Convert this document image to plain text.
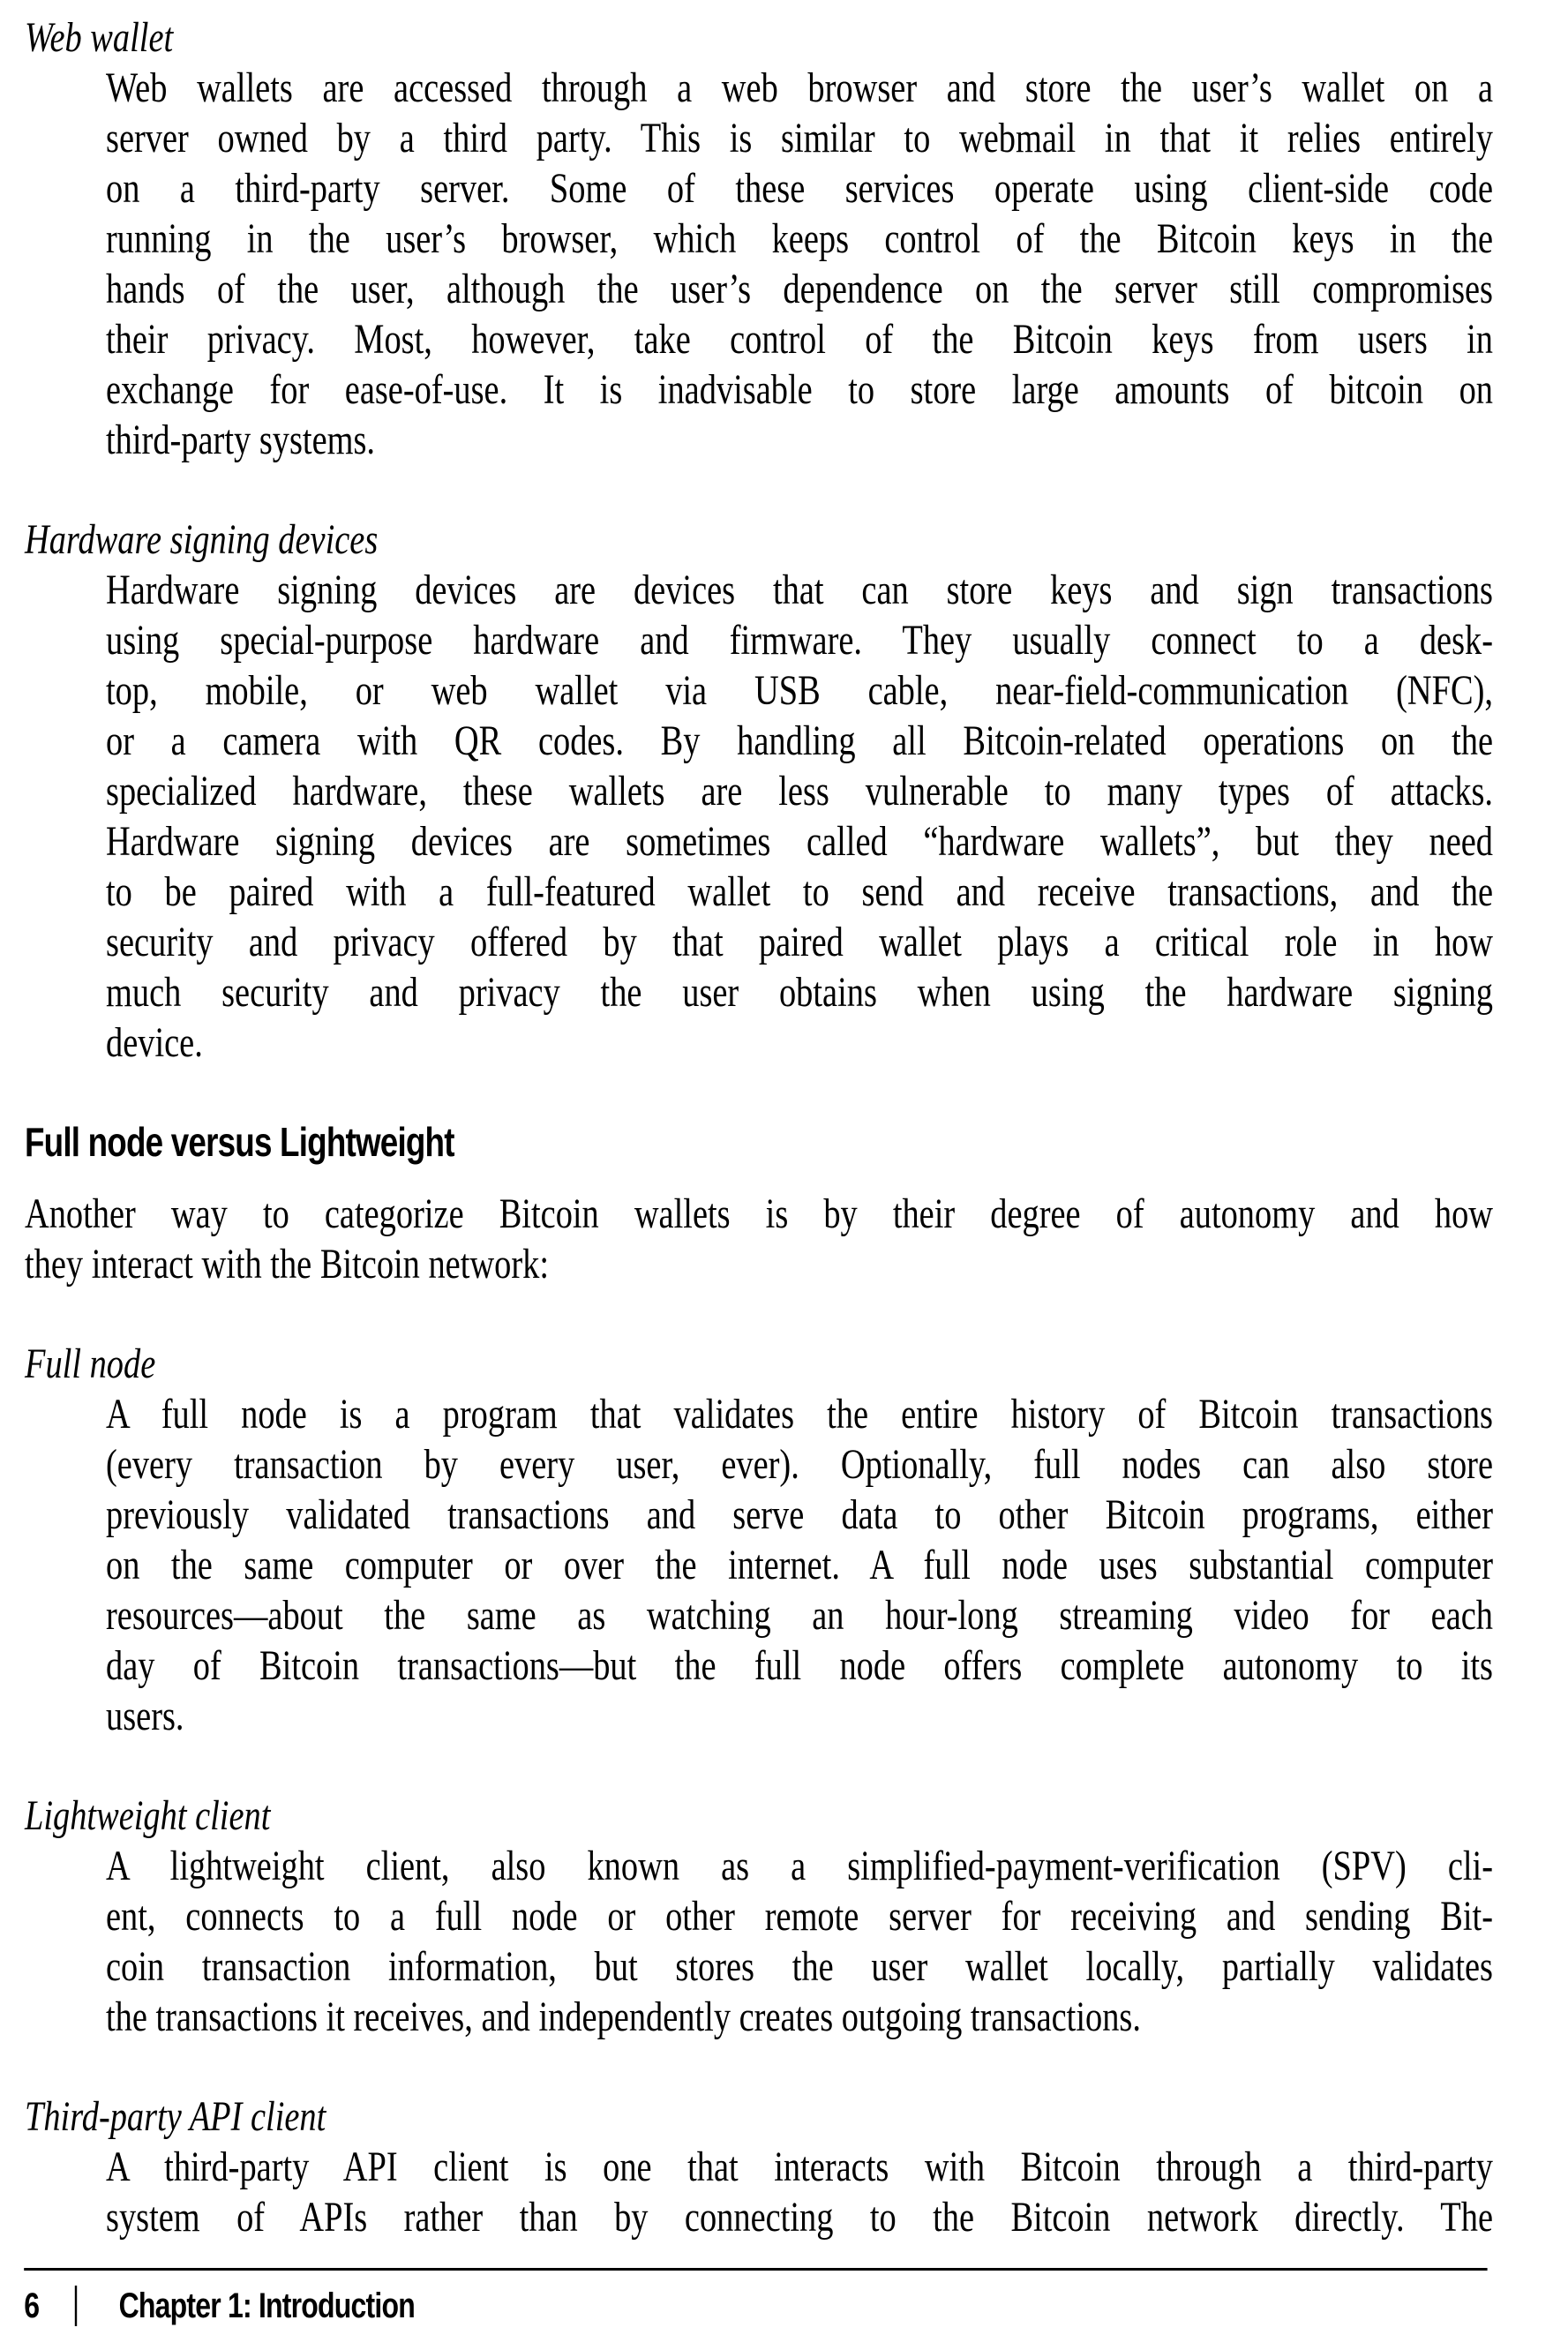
Web wallet
Web wallets are accessed through a web browser and store the user’s wallet on a
server owned by a third party. This is similar to webmail in that it relies entirely
on a third-party server. Some of these services operate using client-side code
running in the user’s browser, which keeps control of the Bitcoin keys in the
hands of the user, although the user’s dependence on the server still compromises
their privacy. Most, however, take control of the Bitcoin keys from users in
exchange for ease-of-use. It is inadvisable to store large amounts of bitcoin on
third-party systems.
Hardware signing devices
Hardware signing devices are devices that can store keys and sign transactions
using special-purpose hardware and firmware. They usually connect to a desk-
top, mobile, or web wallet via USB cable, near-field-communication (NFC),
or a camera with QR codes. By handling all Bitcoin-related operations on the
specialized hardware, these wallets are less vulnerable to many types of attacks.
Hardware signing devices are sometimes called “hardware wallets”, but they need
to be paired with a full-featured wallet to send and receive transactions, and the
security and privacy offered by that paired wallet plays a critical role in how
much security and privacy the user obtains when using the hardware signing
device.
Full node versus Lightweight
Another way to categorize Bitcoin wallets is by their degree of autonomy and how
they interact with the Bitcoin network:
Full node
A full node is a program that validates the entire history of Bitcoin transactions
(every transaction by every user, ever). Optionally, full nodes can also store
previously validated transactions and serve data to other Bitcoin programs, either
on the same computer or over the internet. A full node uses substantial computer
resources—about the same as watching an hour-long streaming video for each
day of Bitcoin transactions—but the full node offers complete autonomy to its
users.
Lightweight client
A lightweight client, also known as a simplified-payment-verification (SPV) cli-
ent, connects to a full node or other remote server for receiving and sending Bit-
coin transaction information, but stores the user wallet locally, partially validates
the transactions it receives, and independently creates outgoing transactions.
Third-party API client
A third-party API client is one that interacts with Bitcoin through a third-party
system of APIs rather than by connecting to the Bitcoin network directly. The
6 Chapter 1: Introduction
